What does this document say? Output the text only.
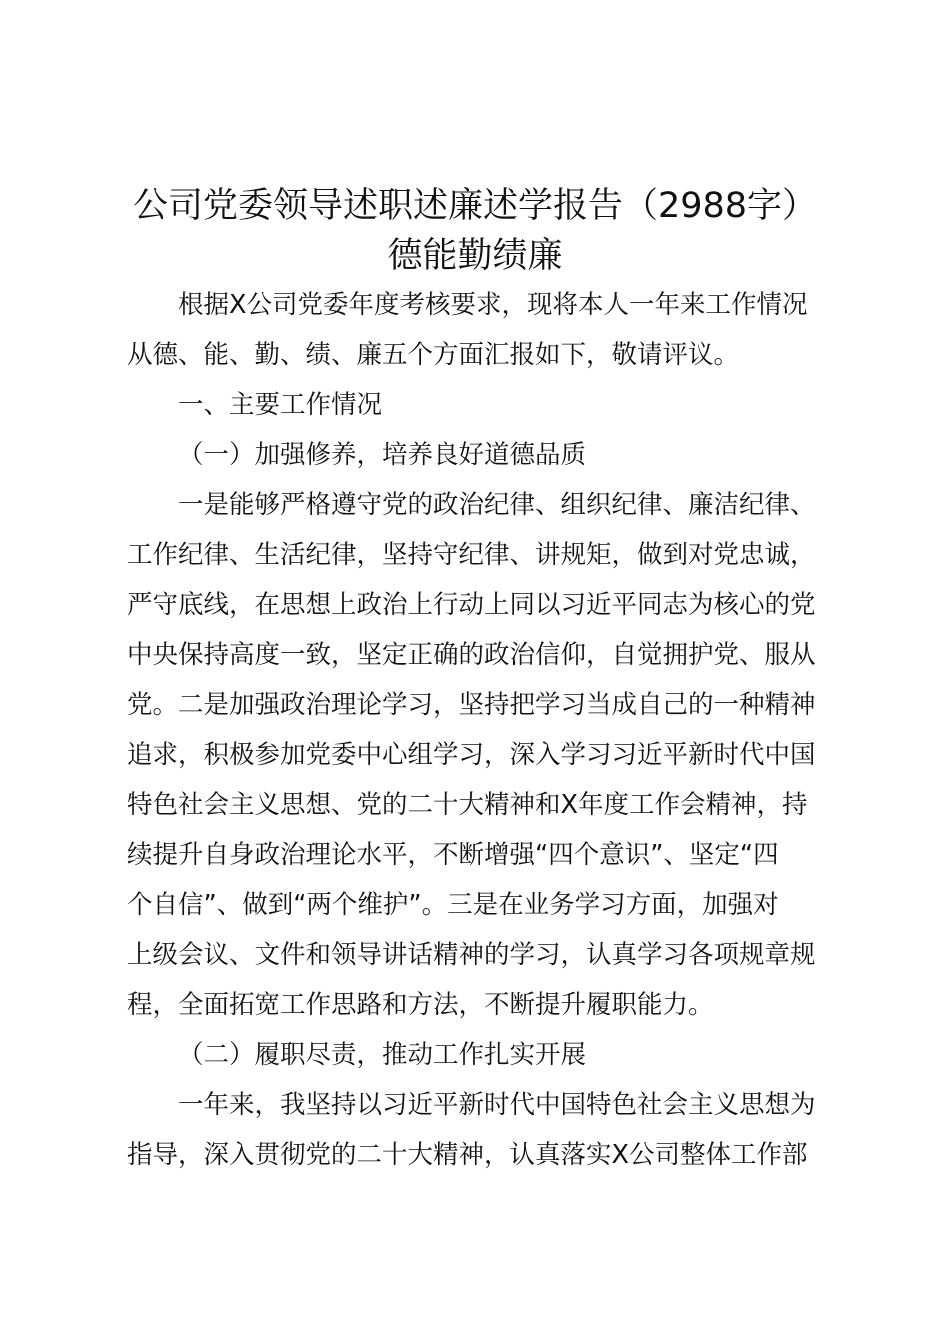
公司党委领导述职述廉述学报告（2988字）
德能勤绩廉
根据X公司党委年度考核要求，现将本人一年来工作情况
从德、能、勤、绩、廉五个方面汇报如下，敬请评议。
一、主要工作情况
（一）加强修养，培养良好道德品质
一是能够严格遵守党的政治纪律、组织纪律、廉洁纪律、
工作纪律、生活纪律，坚持守纪律、讲规矩，做到对党忠诚，
严守底线，在思想上政治上行动上同以习近平同志为核心的党
中央保持高度一致，坚定正确的政治信仰，自觉拥护党、服从
党。二是加强政治理论学习，坚持把学习当成自己的一种精神
追求，积极参加党委中心组学习，深入学习习近平新时代中国
特色社会主义思想、党的二十大精神和X年度工作会精神，持
续提升自身政治理论水平，不断增强“四个意识”、坚定“四
个自信”、做到“两个维护”。三是在业务学习方面，加强对
上级会议、文件和领导讲话精神的学习，认真学习各项规章规
程，全面拓宽工作思路和方法，不断提升履职能力。
（二）履职尽责，推动工作扎实开展
一年来，我坚持以习近平新时代中国特色社会主义思想为
指导，深入贯彻党的二十大精神，认真落实X公司整体工作部
